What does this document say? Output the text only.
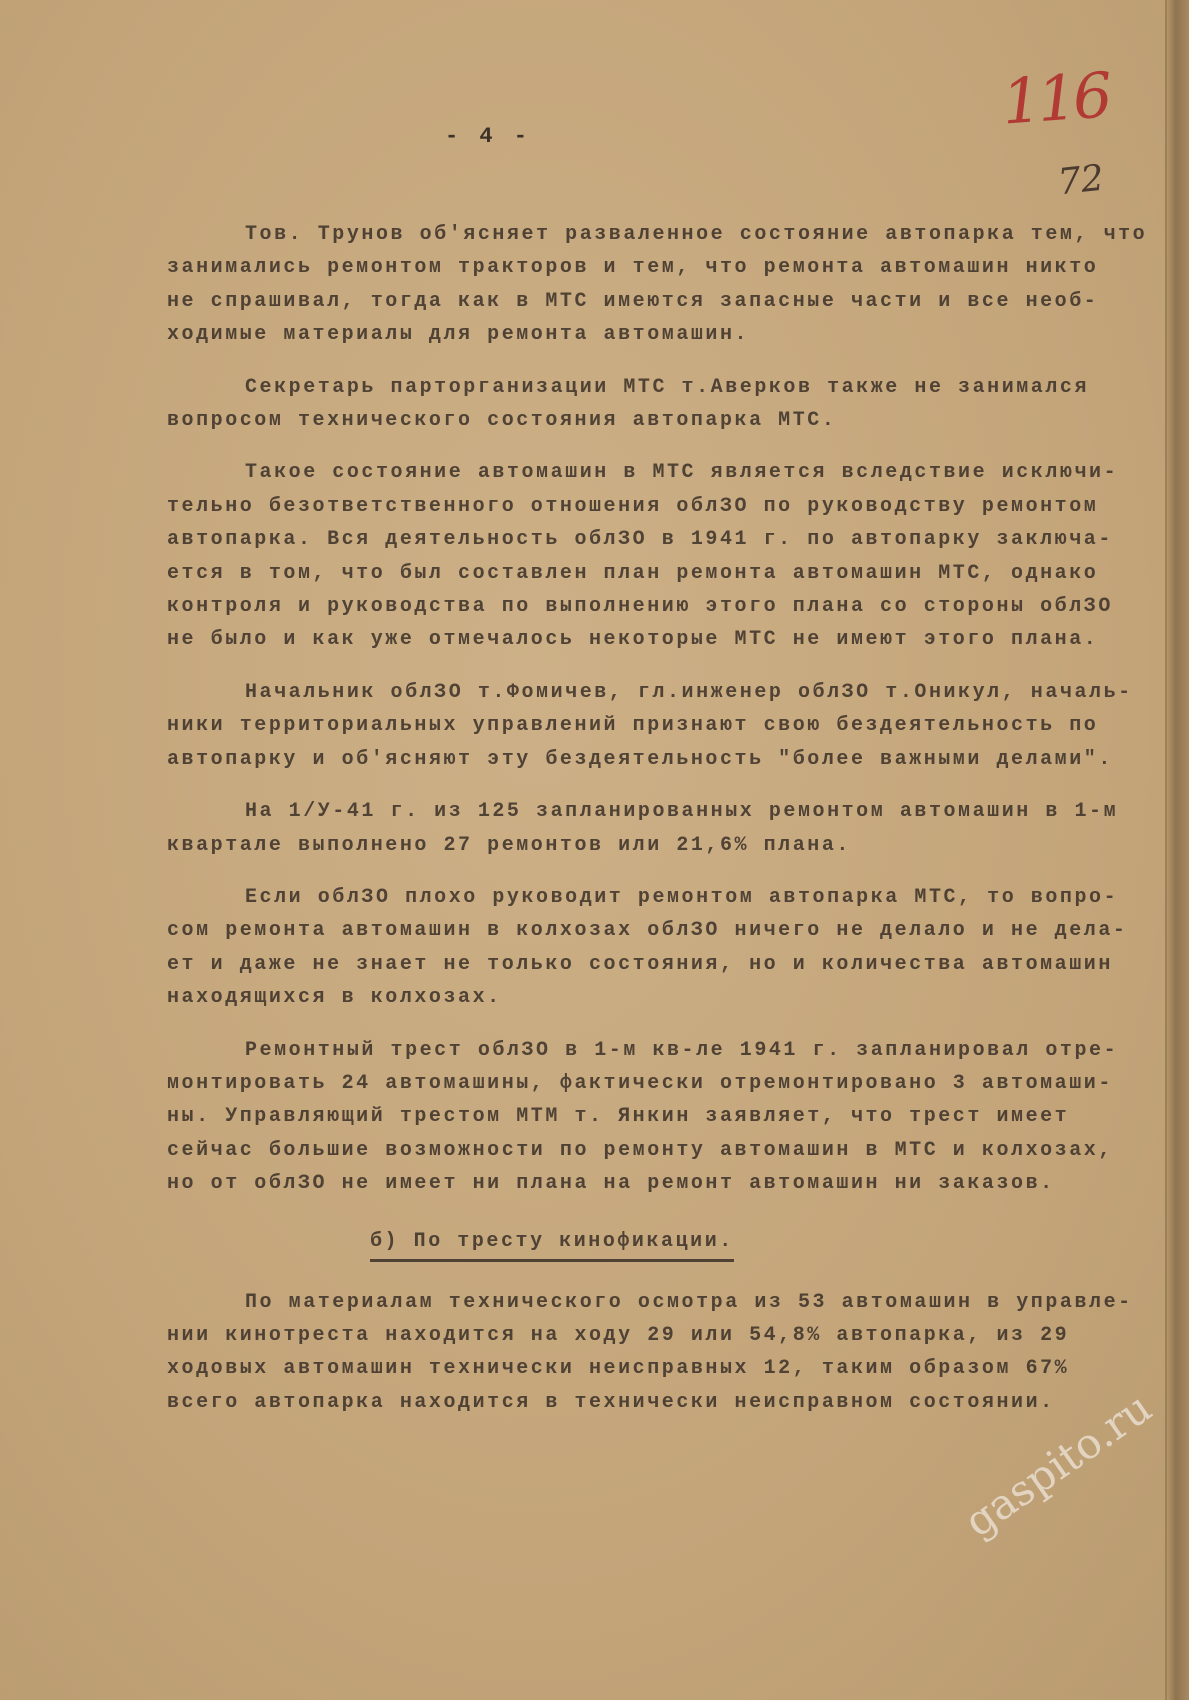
- 4 -	116
72
Тов. Трунов об'ясняет разваленное состояние автопарка тем, что
занимались ремонтом тракторов и тем, что ремонта автомашин никто
не спрашивал, тогда как в МТС имеются запасные части и все необ-
ходимые материалы для ремонта автомашин.
Секретарь парторганизации МТС т.Аверков также не занимался
вопросом технического состояния автопарка МТС.
Такое состояние автомашин в МТС является вследствие исключи-
тельно безответственного отношения облЗО по руководству ремонтом
автопарка. Вся деятельность облЗО в 1941 г. по автопарку заключа-
ется в том, что был составлен план ремонта автомашин МТС, однако
контроля и руководства по выполнению этого плана со стороны облЗО
не было и как уже отмечалось некоторые МТС не имеют этого плана.
Начальник облЗО т.Фомичев, гл.инженер облЗО т.Оникул, началь-
ники территориальных управлений признают свою бездеятельность по
автопарку и об'ясняют эту бездеятельность "более важными делами".
На 1/У-41 г. из 125 запланированных ремонтом автомашин в 1-м
квартале выполнено 27 ремонтов или 21,6% плана.
Если облЗО плохо руководит ремонтом автопарка МТС, то вопро-
сом ремонта автомашин в колхозах облЗО ничего не делало и не дела-
ет и даже не знает не только состояния, но и количества автомашин
находящихся в колхозах.
Ремонтный трест облЗО в 1-м кв-ле 1941 г. запланировал отре-
монтировать 24 автомашины, фактически отремонтировано 3 автомаши-
ны. Управляющий трестом МТМ т. Янкин заявляет, что трест имеет
сейчас большие возможности по ремонту автомашин в МТС и колхозах,
но от облЗО не имеет ни плана на ремонт автомашин ни заказов.
б) По тресту кинофикации.
По материалам технического осмотра из 53 автомашин в управле-
нии кинотреста находится на ходу 29 или 54,8% автопарка, из 29
ходовых автомашин технически неисправных 12, таким образом 67%
всего автопарка находится в технически неисправном состоянии.
gaspito.ru
